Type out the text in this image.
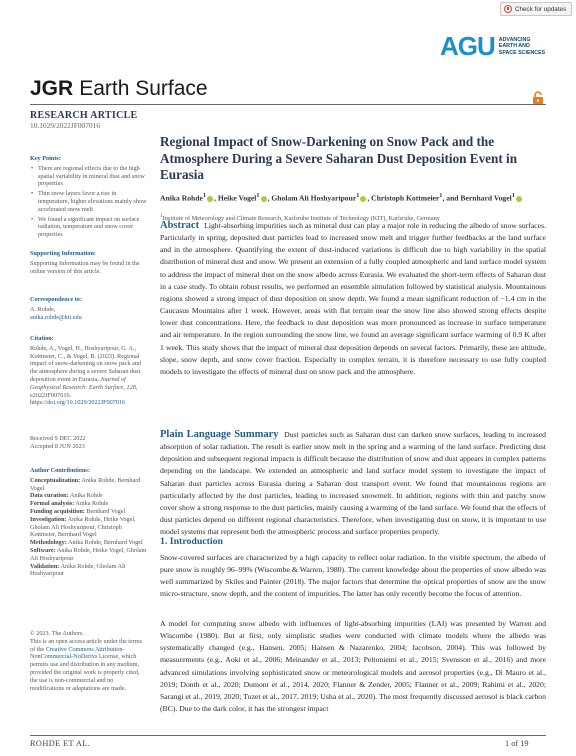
Check for updates
AGU ADVANCING
EARTH AND
SPACE SCIENCES
JGR Earth Surface
RESEARCH ARTICLE
10.1029/2022JF007016
Key Points:
• There are regional effects due to the high spatial variability in mineral dust and snow properties
• Thin snow layers favor a rise in temperature, higher elevations mainly show accelerated snow melt
• We found a significant impact on surface radiation, temperature and snow cover properties
Supporting Information:
Supporting Information may be found in the online version of this article.
Correspondence to:
A. Rohde,
anika.rohde@kit.edu
Citation:
Rohde, A., Vogel, H., Hoshyaripour, G. A., Kottmeier, C., & Vogel, B. (2023). Regional impact of snow-darkening on snow pack and the atmosphere during a severe Saharan dust deposition event in Eurasia. Journal of Geophysical Research: Earth Surface, 128, e2022JF007016. https://doi.org/10.1029/2022JF007016
Received 9 DEC 2022
Accepted 8 JUN 2023
Author Contributions:
Conceptualization: Anika Rohde, Bernhard Vogel
Data curation: Anika Rohde
Formal analysis: Anika Rohde
Funding acquisition: Bernhard Vogel
Investigation: Anika Rohde, Heike Vogel, Gholam Ali Hoshyaripour, Christoph Kottmeier, Bernhard Vogel
Methodology: Anika Rohde, Bernhard Vogel
Software: Anika Rohde, Heike Vogel, Gholam Ali Hoshyaripour
Validation: Anika Rohde, Gholam Ali Hoshyaripour
© 2023. The Authors.
This is an open access article under the terms of the Creative Commons Attribution-NonCommercial-NoDerivs License, which permits use and distribution in any medium, provided the original work is properly cited, the use is non-commercial and no modifications or adaptations are made.
Regional Impact of Snow-Darkening on Snow Pack and the Atmosphere During a Severe Saharan Dust Deposition Event in Eurasia
Anika Rohde$^1$ , Heike Vogel$^1$ , Gholam Ali Hoshyaripour$^1$ , Christoph Kottmeier$^1$, and Bernhard Vogel$^1$
$^1$Institute of Meteorology and Climate Research, Karlsruhe Institute of Technology (KIT), Karlsruhe, Germany
Abstract Light-absorbing impurities such as mineral dust can play a major role in reducing the albedo of snow surfaces. Particularly in spring, deposited dust particles lead to increased snow melt and trigger further feedbacks at the land surface and in the atmosphere. Quantifying the extent of dust-induced variations is difficult due to high variability in the spatial distribution of mineral dust and snow. We present an extension of a fully coupled atmospheric and land surface model system to address the impact of mineral dust on the snow albedo across Eurasia. We evaluated the short-term effects of Saharan dust in a case study. To obtain robust results, we performed an ensemble simulation followed by statistical analysis. Mountainous regions showed a strong impact of dust deposition on snow depth. We found a mean significant reduction of −1.4 cm in the Caucasus Mountains after 1 week. However, areas with flat terrain near the snow line also showed strong effects despite lower dust concentrations. Here, the feedback to dust deposition was more pronounced as increase in surface temperature and air temperature. In the region surrounding the snow line, we found an average significant surface warming of 0.9 K after 1 week. This study shows that the impact of mineral dust deposition depends on several factors. Primarily, these are altitude, slope, snow depth, and snow cover fraction. Especially in complex terrain, it is therefore necessary to use fully coupled models to investigate the effects of mineral dust on snow pack and the atmosphere.
Plain Language Summary Dust particles such as Saharan dust can darken snow surfaces, leading to increased absorption of solar radiation. The result is earlier snow melt in the spring and a warming of the land surface. Predicting dust deposition and subsequent regional impacts is difficult because the distribution of snow and dust appears in complex patterns depending on the landscape. We extended an atmospheric and land surface model system to investigate the impact of Saharan dust particles across Eurasia during a Saharan dust transport event. We found that mountainous regions are particularly affected by the dust particles, leading to increased snowmelt. In addition, regions with thin and patchy snow cover show a strong response to the dust particles, mainly causing a warming of the land surface. We found that the effects of dust particles depend on different regional characteristics. Therefore, when investigating dust on snow, it is important to use model systems that represent both the atmospheric process and surface properties properly.
1. Introduction
Snow-covered surfaces are characterized by a high capacity to reflect solar radiation. In the visible spectrum, the albedo of pure snow is roughly 96–99% (Wiscombe & Warren, 1980). The current knowledge about the properties of snow albedo was well summarized by Skiles and Painter (2018). The major factors that determine the optical properties of snow are the snow micro-structure, snow depth, and the content of impurities. The latter has only recently become the focus of attention.
A model for computing snow albedo with influences of light-absorbing impurities (LAI) was presented by Warren and Wiscombe (1980). But at first, only simplistic studies were conducted with climate models where the albedo was systematically changed (e.g., Hansen, 2005; Hansen & Nazarenko, 2004; Jacobson, 2004). This was followed by measurements (e.g., Aoki et al., 2006; Meinander et al., 2013; Peltoniemi et al., 2015; Svensson et al., 2016) and more advanced simulations involving sophisticated snow or meteorological models and aerosol properties (e.g., Di Mauro et al., 2019; Donth et al., 2020; Dumont et al., 2014, 2020; Flanner & Zender, 2005; Flanner et al., 2009; Rahimi et al., 2020; Sarangi et al., 2019, 2020; Tuzet et al., 2017, 2019; Usha et al., 2020). The most frequently discussed aerosol is black carbon (BC). Due to the dark color, it has the strongest impact
ROHDE ET AL.	1 of 19
